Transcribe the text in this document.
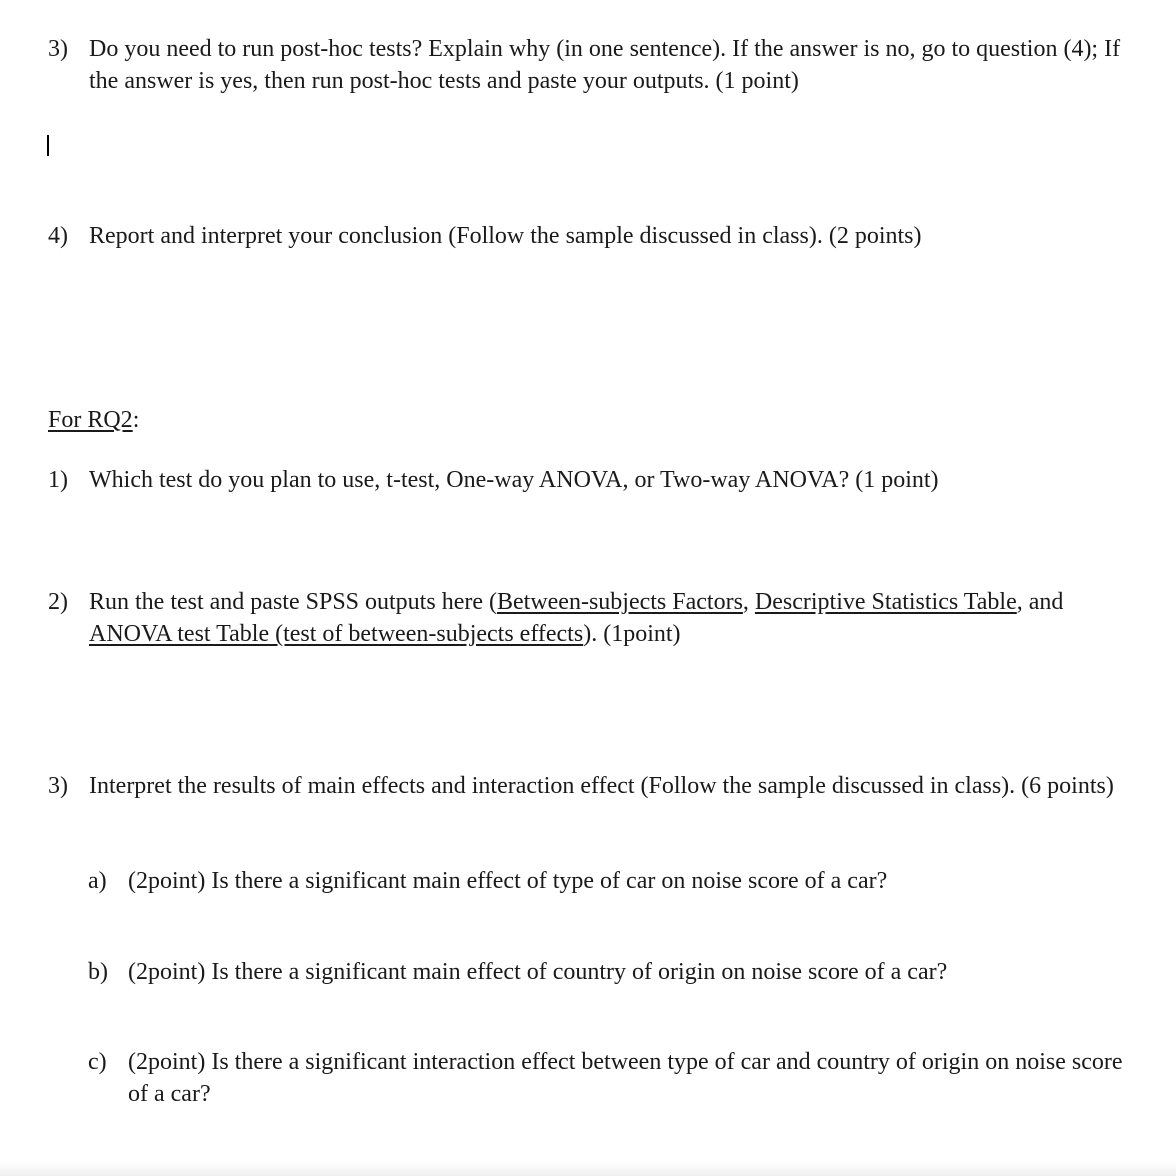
3) Do you need to run post-hoc tests? Explain why (in one sentence). If the answer is no, go to question (4); If the answer is yes, then run post-hoc tests and paste your outputs. (1 point)
4) Report and interpret your conclusion (Follow the sample discussed in class). (2 points)
For RQ2:
1) Which test do you plan to use, t-test, One-way ANOVA, or Two-way ANOVA? (1 point)
2) Run the test and paste SPSS outputs here (Between-subjects Factors, Descriptive Statistics Table, and ANOVA test Table (test of between-subjects effects). (1point)
3) Interpret the results of main effects and interaction effect (Follow the sample discussed in class). (6 points)
a) (2point) Is there a significant main effect of type of car on noise score of a car?
b) (2point) Is there a significant main effect of country of origin on noise score of a car?
c) (2point) Is there a significant interaction effect between type of car and country of origin on noise score of a car?
